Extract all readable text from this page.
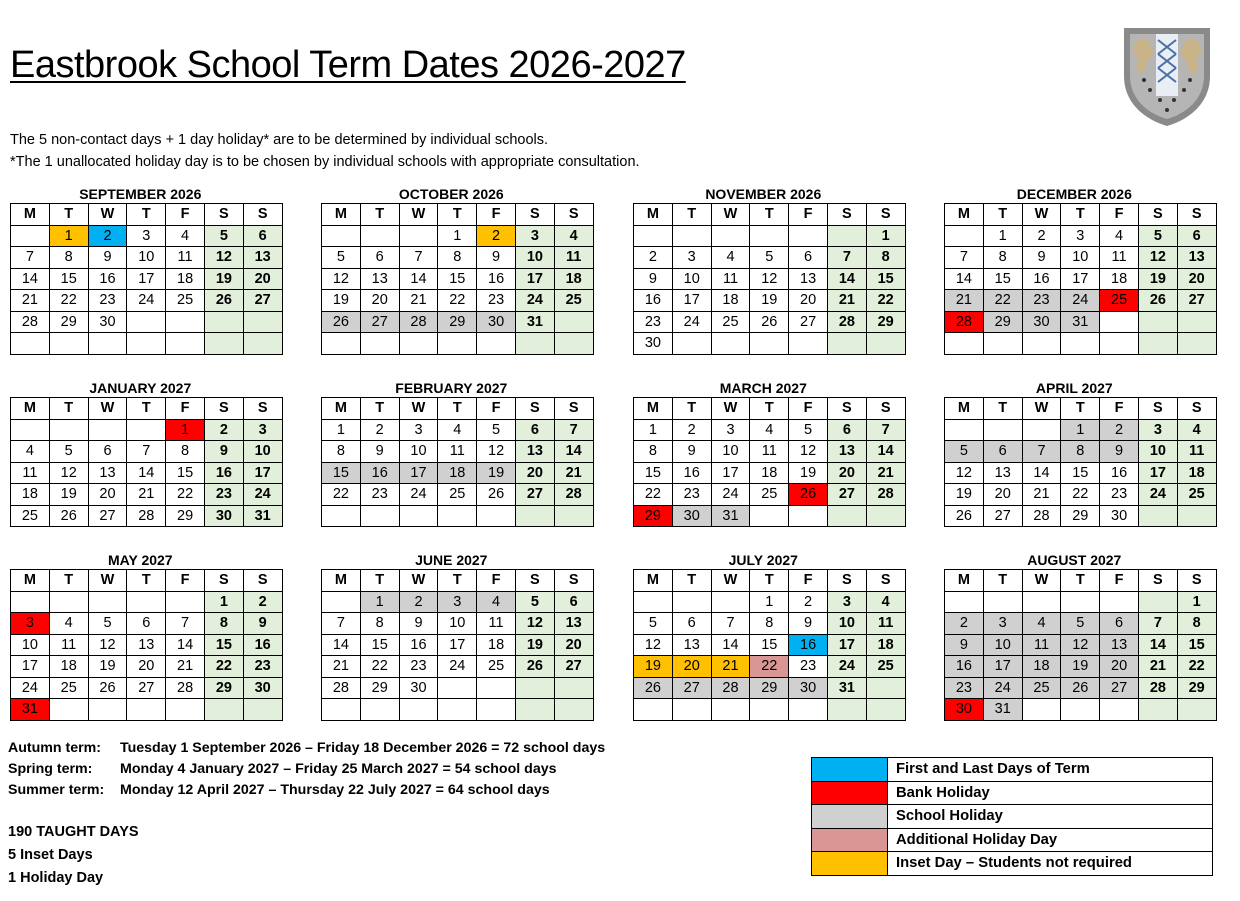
Eastbrook School Term Dates 2026-2027
The 5 non-contact days + 1 day holiday* are to be determined by individual schools.
*The 1 unallocated holiday day is to be chosen by individual schools with appropriate consultation.
SEPTEMBER 2026
M	T	W	T	F	S	S
	1	2	3	4	5	6
7	8	9	10	11	12	13
14	15	16	17	18	19	20
21	22	23	24	25	26	27
28	29	30				

OCTOBER 2026
M	T	W	T	F	S	S
			1	2	3	4
5	6	7	8	9	10	11
12	13	14	15	16	17	18
19	20	21	22	23	24	25
26	27	28	29	30	31	

NOVEMBER 2026
M	T	W	T	F	S	S
						1
2	3	4	5	6	7	8
9	10	11	12	13	14	15
16	17	18	19	20	21	22
23	24	25	26	27	28	29
30						
DECEMBER 2026
M	T	W	T	F	S	S
	1	2	3	4	5	6
7	8	9	10	11	12	13
14	15	16	17	18	19	20
21	22	23	24	25	26	27
28	29	30	31			

JANUARY 2027
M	T	W	T	F	S	S
				1	2	3
4	5	6	7	8	9	10
11	12	13	14	15	16	17
18	19	20	21	22	23	24
25	26	27	28	29	30	31
FEBRUARY 2027
M	T	W	T	F	S	S
1	2	3	4	5	6	7
8	9	10	11	12	13	14
15	16	17	18	19	20	21
22	23	24	25	26	27	28

MARCH 2027
M	T	W	T	F	S	S
1	2	3	4	5	6	7
8	9	10	11	12	13	14
15	16	17	18	19	20	21
22	23	24	25	26	27	28
29	30	31				
APRIL 2027
M	T	W	T	F	S	S
			1	2	3	4
5	6	7	8	9	10	11
12	13	14	15	16	17	18
19	20	21	22	23	24	25
26	27	28	29	30		
MAY 2027
M	T	W	T	F	S	S
					1	2
3	4	5	6	7	8	9
10	11	12	13	14	15	16
17	18	19	20	21	22	23
24	25	26	27	28	29	30
31						
JUNE 2027
M	T	W	T	F	S	S
	1	2	3	4	5	6
7	8	9	10	11	12	13
14	15	16	17	18	19	20
21	22	23	24	25	26	27
28	29	30				

JULY 2027
M	T	W	T	F	S	S
			1	2	3	4
5	6	7	8	9	10	11
12	13	14	15	16	17	18
19	20	21	22	23	24	25
26	27	28	29	30	31	

AUGUST 2027
M	T	W	T	F	S	S
						1
2	3	4	5	6	7	8
9	10	11	12	13	14	15
16	17	18	19	20	21	22
23	24	25	26	27	28	29
30	31					
Autumn term: Tuesday 1 September 2026 – Friday 18 December 2026 = 72 school days
Spring term: Monday 4 January 2027 – Friday 25 March 2027 = 54 school days
Summer term: Monday 12 April 2027 – Thursday 22 July 2027 = 64 school days
190 TAUGHT DAYS
5 Inset Days
1 Holiday Day
	First and Last Days of Term
	Bank Holiday
	School Holiday
	Additional Holiday Day
	Inset Day – Students not required
